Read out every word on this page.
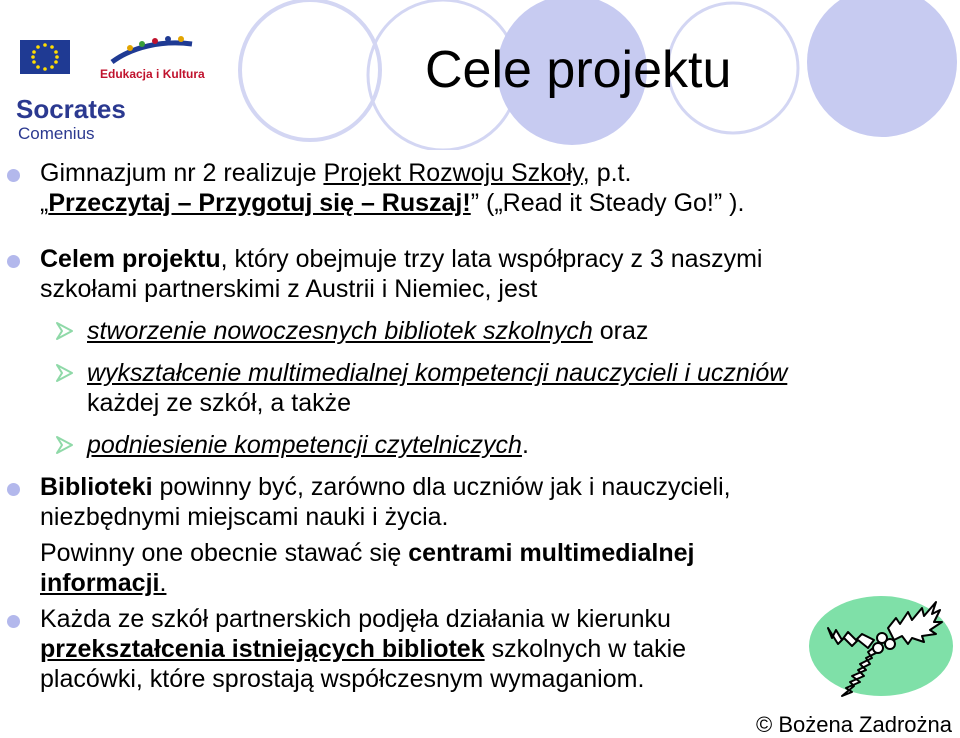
Edukacja i Kultura
Socrates
Comenius
Cele projektu
Gimnazjum nr 2 realizuje Projekt Rozwoju Szkoły, p.t.
„Przeczytaj – Przygotuj się – Ruszaj!” („Read it Steady Go!” ).
Celem projektu, który obejmuje trzy lata współpracy z 3 naszymi
szkołami partnerskimi z Austrii i Niemiec, jest
stworzenie nowoczesnych bibliotek szkolnych oraz
wykształcenie multimedialnej kompetencji nauczycieli i uczniów
każdej ze szkół, a także
podniesienie kompetencji czytelniczych.
Biblioteki powinny być, zarówno dla uczniów jak i nauczycieli,
niezbędnymi miejscami nauki i życia.
Powinny one obecnie stawać się centrami multimedialnej
informacji.
Każda ze szkół partnerskich podjęła działania w kierunku
przekształcenia istniejących bibliotek szkolnych w takie
placówki, które sprostają współczesnym wymaganiom.
© Bożena Zadrożna
